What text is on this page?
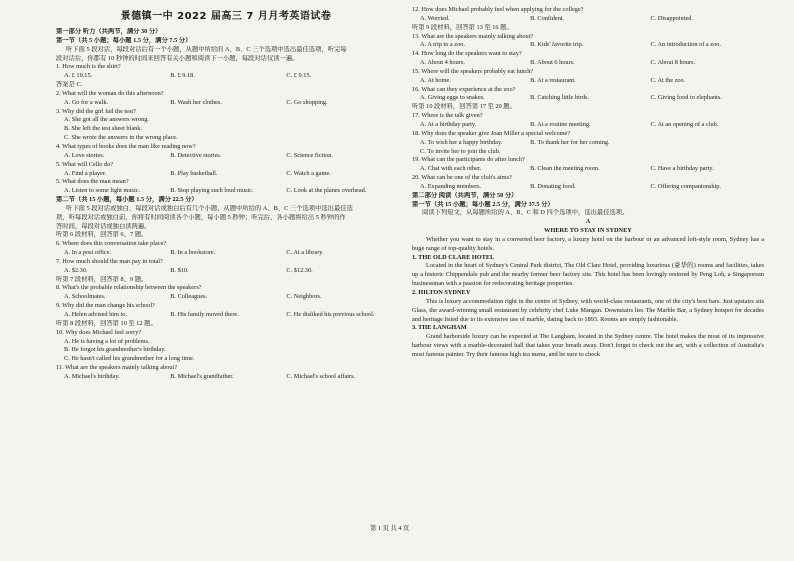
景德镇一中 2022 届高三 7 月月考英语试卷
第一部分 听力（共两节，满分 30 分）
第一节（共 5 小题；每小题 1.5 分，满分 7.5 分）
听下面 5 段对话，每段对话后有一个小题，从题中所给的 A、B、C 三个选项中选出最佳选项，听完每
段对话后，你都有 10 秒钟的时间来回答有关小题和阅读下一小题，每段对话仅读一遍。
1. How much is the shirt?
A. £ 19.15.	B. £ 9.18.	C. £ 9.15.
答案是 C.
2. What will the woman do this afternoon?
A. Go for a walk.	B. Wash her clothes.	C. Go shopping.
3. Why did the girl fail the test?
A. She got all the answers wrong.
B. She left the test sheet blank.
C. She wrote the answers in the wrong place.
4. What types of books does the man like reading now?
A. Love stories.	B. Detective stories.	C. Science fiction.
5. What will Cello do?
A. Find a player.	B. Play basketball.	C. Watch a game.
5. What does the man mean?
A. Listen to some light music.	B. Stop playing such loud music.	C. Look at the planes overhead.
第二节（共 15 小题，每小题 1.5 分，满分 22.5 分）
听下面 5 段对话或独白，每段对话或独白后有几个小题，从题中所给的 A、B、C 三个选项中选出最佳选
项，听每段对话或独白前，你将有时间阅读各个小题，每小题 5 秒钟；听完后，各小题将给出 5 秒钟的作
答时间，每段对话或独白读两遍。
听第 6 段材料，回答第 6、7 题。
6. Where does this conversation take place?
A. In a post office.	B. In a bookstore.	C. At a library.
7. How much should the man pay in total?
A. $2.30.	B. $10.	C. $12.30.
听第 7 段材料，回答第 8、9 题。
8. What's the probable relationship between the speakers?
A. Schoolmates.	B. Colleagues.	C. Neighbors.
9. Why did the man change his school?
A. Helen advised him to.	B. His family moved there.	C. He disliked his previous school.
听第 8 段材料，回答第 10 至 12 题。
10. Why does Michael feel sorry?
A. He is having a lot of problems.
B. He forgot his grandmother's birthday.
C. He hasn't called his grandmother for a long time.
11. What are the speakers mainly talking about?
A. Michael's birthday.	B. Michael's grandfather.	C. Michael's school affairs.
12. How does Michael probably feel when applying for the college?
A. Worried.	B. Confident.	C. Disappointed.
听第 9 段材料，回答第 13 至 16 题。
13. What are the speakers mainly talking about?
A. A trip to a zoo.	B. Kids' favorite trip.	C. An introduction of a zoo.
14. How long do the speakers want to stay?
A. About 4 hours.	B. About 6 hours.	C. About 8 hours.
15. Where will the speakers probably eat lunch?
A. At home.	B. At a restaurant.	C. At the zoo.
16. What can they experience at the zoo?
A. Giving eggs to snakes.	B. Catching little birds.	C. Giving food to elephants.
听第 10 段材料，回答第 17 至 20 题。
17. Where is the talk given?
A. At a birthday party.	B. At a routine meeting.	C. At an opening of a club.
18. Why does the speaker give Joan Miller a special welcome?
A. To wish her a happy birthday.	B. To thank her for her coming.
C. To invite her to join the club.
19. What can the participants do after lunch?
A. Chat with each other.	B. Clean the meeting room.	C. Have a birthday party.
20. What can be one of the club's aims?
A. Expanding members.	B. Donating food.	C. Offering companionship.
第二部分 阅读（共两节，满分 50 分）
第一节（共 15 小题；每小题 2.5 分，满分 37.5 分）
阅读下列短文，从每题所给的 A、B、C 和 D 四个选项中，选出最佳选项。
A
WHERE TO STAY IN SYDNEY
Whether you want to stay in a converted beer factory, a luxury hotel on the harbour or an advanced loft-style room, Sydney has a huge range of top-quality hotels.
1. THE OLD CLARE HOTEL
Located in the heart of Sydney's Central Park district, The Old Clare Hotel, providing luxurious (豪华的) rooms and facilities, takes up a historic Chippendale pub and the nearby former beer factory site. This hotel has been lovingly restored by Peng Loh, a Singaporean businessman with a passion for redecorating heritage properties.
2. HILTON SYDNEY
This is luxury accommodation right in the centre of Sydney, with world-class restaurants, one of the city's best bars. Just upstairs sits Glass, the award-winning small restaurant by celebrity chef Luke Mangan. Downstairs lies The Marble Bar, a Sydney hotspot for decades and heritage listed due to its extensive use of marble, dating back to 1893. Rooms are simply fashionable.
3. THE LANGHAM
Grand harborside luxury can be expected at The Langham, located in the Sydney centre. The hotel makes the most of its impressive harbour views with a marble-decorated hall that takes your breath away. Don't forget to check out the art, with a collection of Australia's most famous painter. Try their famous high tea menu, and be sure to check
第 1 页 共 4 页
